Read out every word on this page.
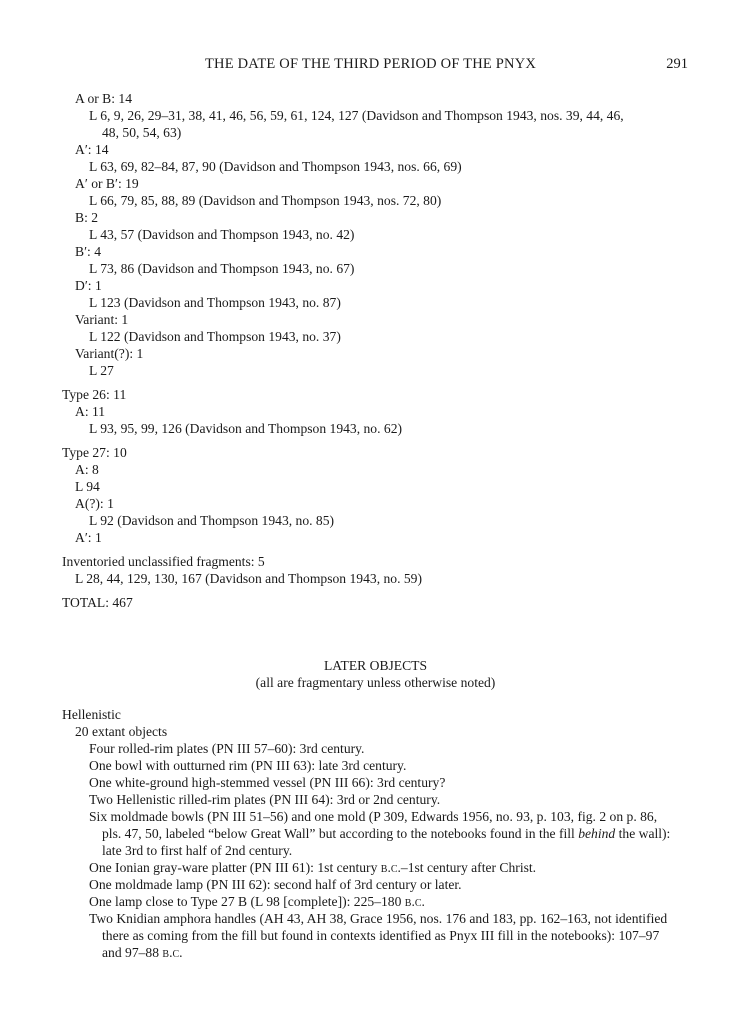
THE DATE OF THE THIRD PERIOD OF THE PNYX	291
A or B: 14
L 6, 9, 26, 29–31, 38, 41, 46, 56, 59, 61, 124, 127 (Davidson and Thompson 1943, nos. 39, 44, 46,
48, 50, 54, 63)
A′: 14
L 63, 69, 82–84, 87, 90 (Davidson and Thompson 1943, nos. 66, 69)
A′ or B′: 19
L 66, 79, 85, 88, 89 (Davidson and Thompson 1943, nos. 72, 80)
B: 2
L 43, 57 (Davidson and Thompson 1943, no. 42)
B′: 4
L 73, 86 (Davidson and Thompson 1943, no. 67)
D′: 1
L 123 (Davidson and Thompson 1943, no. 87)
Variant: 1
L 122 (Davidson and Thompson 1943, no. 37)
Variant(?): 1
L 27
Type 26: 11
A: 11
L 93, 95, 99, 126 (Davidson and Thompson 1943, no. 62)
Type 27: 10
A: 8
L 94
A(?): 1
L 92 (Davidson and Thompson 1943, no. 85)
A′: 1
Inventoried unclassified fragments: 5
L 28, 44, 129, 130, 167 (Davidson and Thompson 1943, no. 59)
TOTAL: 467
LATER OBJECTS
(all are fragmentary unless otherwise noted)
Hellenistic
20 extant objects
Four rolled-rim plates (PN III 57–60): 3rd century.
One bowl with outturned rim (PN III 63): late 3rd century.
One white-ground high-stemmed vessel (PN III 66): 3rd century?
Two Hellenistic rilled-rim plates (PN III 64): 3rd or 2nd century.
Six moldmade bowls (PN III 51–56) and one mold (P 309, Edwards 1956, no. 93, p. 103, fig. 2 on p. 86,
pls. 47, 50, labeled “below Great Wall” but according to the notebooks found in the fill behind the wall):
late 3rd to first half of 2nd century.
One Ionian gray-ware platter (PN III 61): 1st century b.c.–1st century after Christ.
One moldmade lamp (PN III 62): second half of 3rd century or later.
One lamp close to Type 27 B (L 98 [complete]): 225–180 b.c.
Two Knidian amphora handles (AH 43, AH 38, Grace 1956, nos. 176 and 183, pp. 162–163, not identified
there as coming from the fill but found in contexts identified as Pnyx III fill in the notebooks): 107–97
and 97–88 b.c.
